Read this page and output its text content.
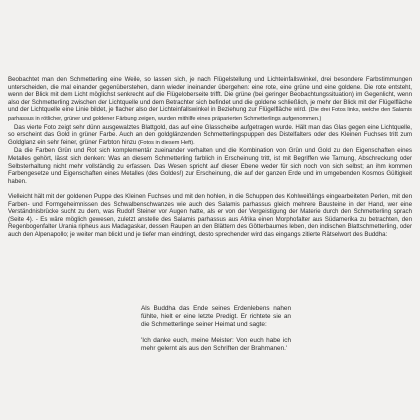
Beobachtet man den Schmetterling eine Weile, so lassen sich, je nach Flügelstellung und Lichteinfallswinkel, drei besondere Farbstimmungen unterscheiden, die mal einander gegenüberstehen, dann wieder ineinander übergehen: eine rote, eine grüne und eine goldene. Die rote entsteht, wenn der Blick mit dem Licht möglichst senkrecht auf die Flügeloberseite trifft. Die grüne (bei geringer Beobachtungssituation) im Gegenlicht, wenn also der Schmetterling zwischen der Lichtquelle und dem Betrachter sich befindet und die goldene schließlich, je mehr der Blick mit der Flügelfläche und der Lichtquelle eine Linie bildet, je flacher also der Lichteinfallswinkel in Beziehung zur Flügelfläche wird. (Die drei Fotos links, welche den Salamis parhassus in rötlicher, grüner und goldener Färbung zeigen, wurden mithilfe eines präparierten Schmetterlings aufgenommen.)

Das vierte Foto zeigt sehr dünn ausgewalztes Blattgold, das auf eine Glasscheibe aufgetragen wurde. Hält man das Glas gegen eine Lichtquelle, so erscheint das Gold in grüner Farbe. Auch an den goldglänzenden Schmetterlingspuppen des Distelfalters oder des Kleinen Fuchses tritt zum Goldglanz ein sehr feiner, grüner Farbton hinzu (Fotos in diesem Heft).

Da die Farben Grün und Rot sich komplementär zueinander verhalten und die Kombination von Grün und Gold zu den Eigenschaften eines Metalles gehört, lässt sich denken: Was an diesem Schmetterling farblich in Erscheinung tritt, ist mit Begriffen wie Tarnung, Abschreckung oder Selbsterhaltung nicht mehr vollständig zu erfassen. Das Wesen spricht auf dieser Ebene weder für sich noch von sich selbst; an ihm kommen Farbengesetze und Eigenschaften eines Metalles (des Goldes!) zur Erscheinung, die auf der ganzen Erde und im umgebenden Kosmos Gültigkeit haben.

Vielleicht hält mit der goldenen Puppe des Kleinen Fuchses und mit den hohlen, in die Schuppen des Kohlweißlings eingearbeiteten Perlen, mit den Farben- und Formgeheimnissen des Schwalbenschwanzes wie auch des Salamis parhassus gleich mehrere Bausteine in der Hand, wer eine Verständnisbrücke sucht zu dem, was Rudolf Steiner vor Augen hatte, als er von der Vergeistigung der Materie durch den Schmetterling sprach (Seite 4). - Es wäre möglich gewesen, zuletzt anstelle des Salamis parhassus aus Afrika einen Morphofalter aus Südamerika zu betrachten, den Regenbogenfalter Urania ripheus aus Madagaskar, dessen Raupen an den Blättern des Götterbaumes leben, den indischen Blattschmetterling, oder auch den Alpenapollo; je weiter man blickt und je tiefer man eindringt, desto sprechender wird das eingangs zitierte Rätselwort des Buddha:

Als Buddha das Ende seines Erdenlebens nahen fühlte, hielt er eine letzte Predigt. Er richtete sie an die Schmetterlinge seiner Heimat und sagte:

'Ich danke euch, meine Meister: Von euch habe ich mehr gelernt als aus den Schriften der Brahmanen.'
